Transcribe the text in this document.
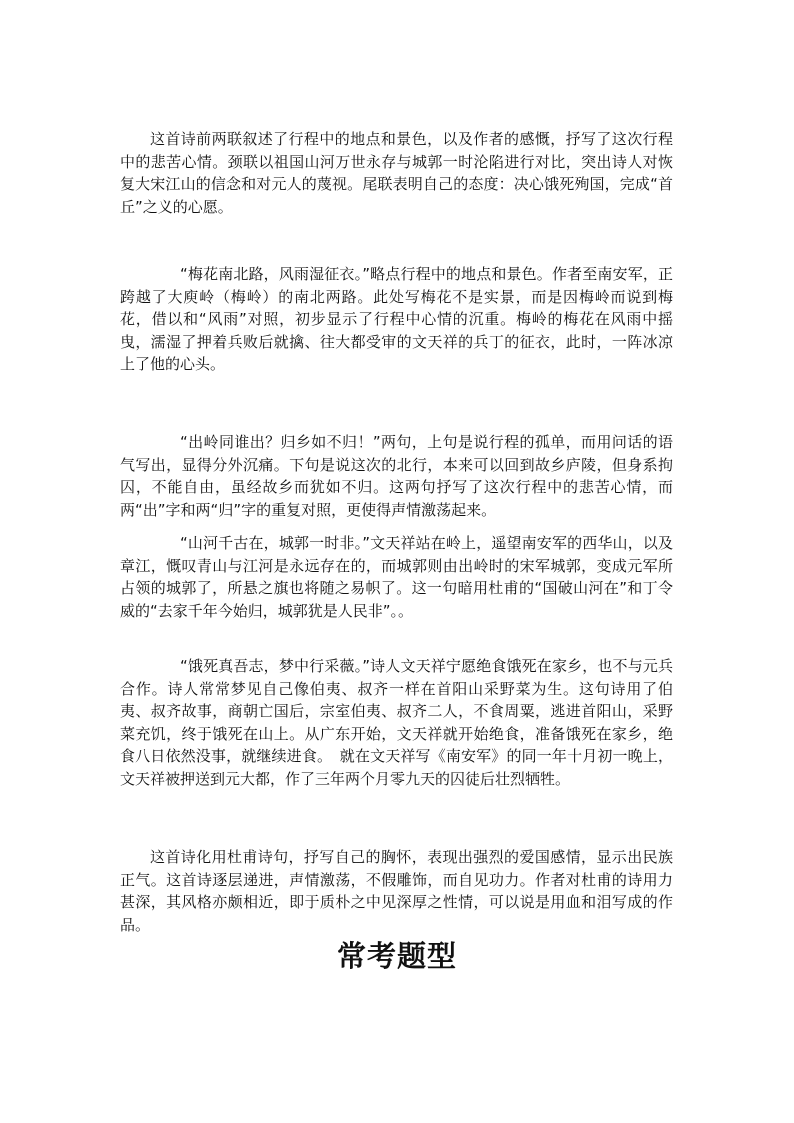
这首诗前两联叙述了行程中的地点和景色，以及作者的感慨，抒写了这次行程中的悲苦心情。颈联以祖国山河万世永存与城郭一时沦陷进行对比，突出诗人对恢复大宋江山的信念和对元人的蔑视。尾联表明自己的态度：决心饿死殉国，完成“首丘”之义的心愿。

“梅花南北路，风雨湿征衣。”略点行程中的地点和景色。作者至南安军，正跨越了大庾岭（梅岭）的南北两路。此处写梅花不是实景，而是因梅岭而说到梅花，借以和“风雨”对照，初步显示了行程中心情的沉重。梅岭的梅花在风雨中摇曳，濡湿了押着兵败后就擒、往大都受审的文天祥的兵丁的征衣，此时，一阵冰凉上了他的心头。

“出岭同谁出？归乡如不归！”两句，上句是说行程的孤单，而用问话的语气写出，显得分外沉痛。下句是说这次的北行，本来可以回到故乡庐陵，但身系拘囚，不能自由，虽经故乡而犹如不归。这两句抒写了这次行程中的悲苦心情，而两“出”字和两“归”字的重复对照，更使得声情激荡起来。

“山河千古在，城郭一时非。”文天祥站在岭上，遥望南安军的西华山，以及章江，慨叹青山与江河是永远存在的，而城郭则由出岭时的宋军城郭，变成元军所占领的城郭了，所悬之旗也将随之易帜了。这一句暗用杜甫的“国破山河在”和丁令威的“去家千年今始归，城郭犹是人民非”。。

“饿死真吾志，梦中行采薇。”诗人文天祥宁愿绝食饿死在家乡，也不与元兵合作。诗人常常梦见自己像伯夷、叔齐一样在首阳山采野菜为生。这句诗用了伯夷、叔齐故事，商朝亡国后，宗室伯夷、叔齐二人，不食周粟，逃进首阳山，采野菜充饥，终于饿死在山上。从广东开始，文天祥就开始绝食，准备饿死在家乡，绝食八日依然没事，就继续进食。　就在文天祥写《南安军》的同一年十月初一晚上，文天祥被押送到元大都，作了三年两个月零九天的囚徒后壮烈牺牲。

这首诗化用杜甫诗句，抒写自己的胸怀，表现出强烈的爱国感情，显示出民族正气。这首诗逐层递进，声情激荡，不假雕饰，而自见功力。作者对杜甫的诗用力甚深，其风格亦颇相近，即于质朴之中见深厚之性情，可以说是用血和泪写成的作品。

常考题型
